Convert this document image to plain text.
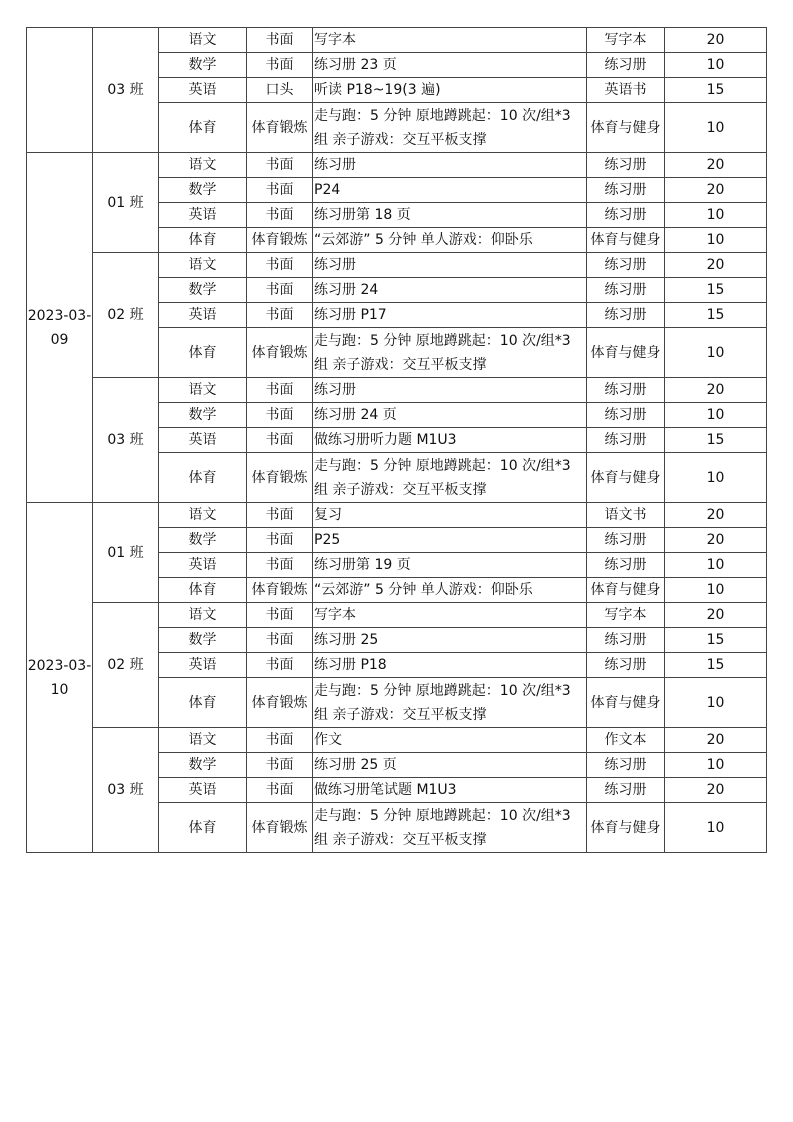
	03 班	语文	书面	写字本	写字本	20
		数学	书面	练习册 23 页	练习册	10
		英语	口头	听读 P18~19(3 遍)	英语书	15
		体育	体育锻炼	走与跑：5 分钟 原地蹲跳起：10 次/组*3 组 亲子游戏：交互平板支撑	体育与健身	10
2023-03-
09	01 班	语文	书面	练习册	练习册	20
		数学	书面	P24	练习册	20
		英语	书面	练习册第 18 页	练习册	10
		体育	体育锻炼	“云郊游” 5 分钟 单人游戏：仰卧乐	体育与健身	10
	02 班	语文	书面	练习册	练习册	20
		数学	书面	练习册 24	练习册	15
		英语	书面	练习册 P17	练习册	15
		体育	体育锻炼	走与跑：5 分钟 原地蹲跳起：10 次/组*3 组 亲子游戏：交互平板支撑	体育与健身	10
	03 班	语文	书面	练习册	练习册	20
		数学	书面	练习册 24 页	练习册	10
		英语	书面	做练习册听力题 M1U3	练习册	15
		体育	体育锻炼	走与跑：5 分钟 原地蹲跳起：10 次/组*3 组 亲子游戏：交互平板支撑	体育与健身	10
2023-03-
10	01 班	语文	书面	复习	语文书	20
		数学	书面	P25	练习册	20
		英语	书面	练习册第 19 页	练习册	10
		体育	体育锻炼	“云郊游” 5 分钟 单人游戏：仰卧乐	体育与健身	10
	02 班	语文	书面	写字本	写字本	20
		数学	书面	练习册 25	练习册	15
		英语	书面	练习册 P18	练习册	15
		体育	体育锻炼	走与跑：5 分钟 原地蹲跳起：10 次/组*3 组 亲子游戏：交互平板支撑	体育与健身	10
	03 班	语文	书面	作文	作文本	20
		数学	书面	练习册 25 页	练习册	10
		英语	书面	做练习册笔试题 M1U3	练习册	20
		体育	体育锻炼	走与跑：5 分钟 原地蹲跳起：10 次/组*3 组 亲子游戏：交互平板支撑	体育与健身	10
